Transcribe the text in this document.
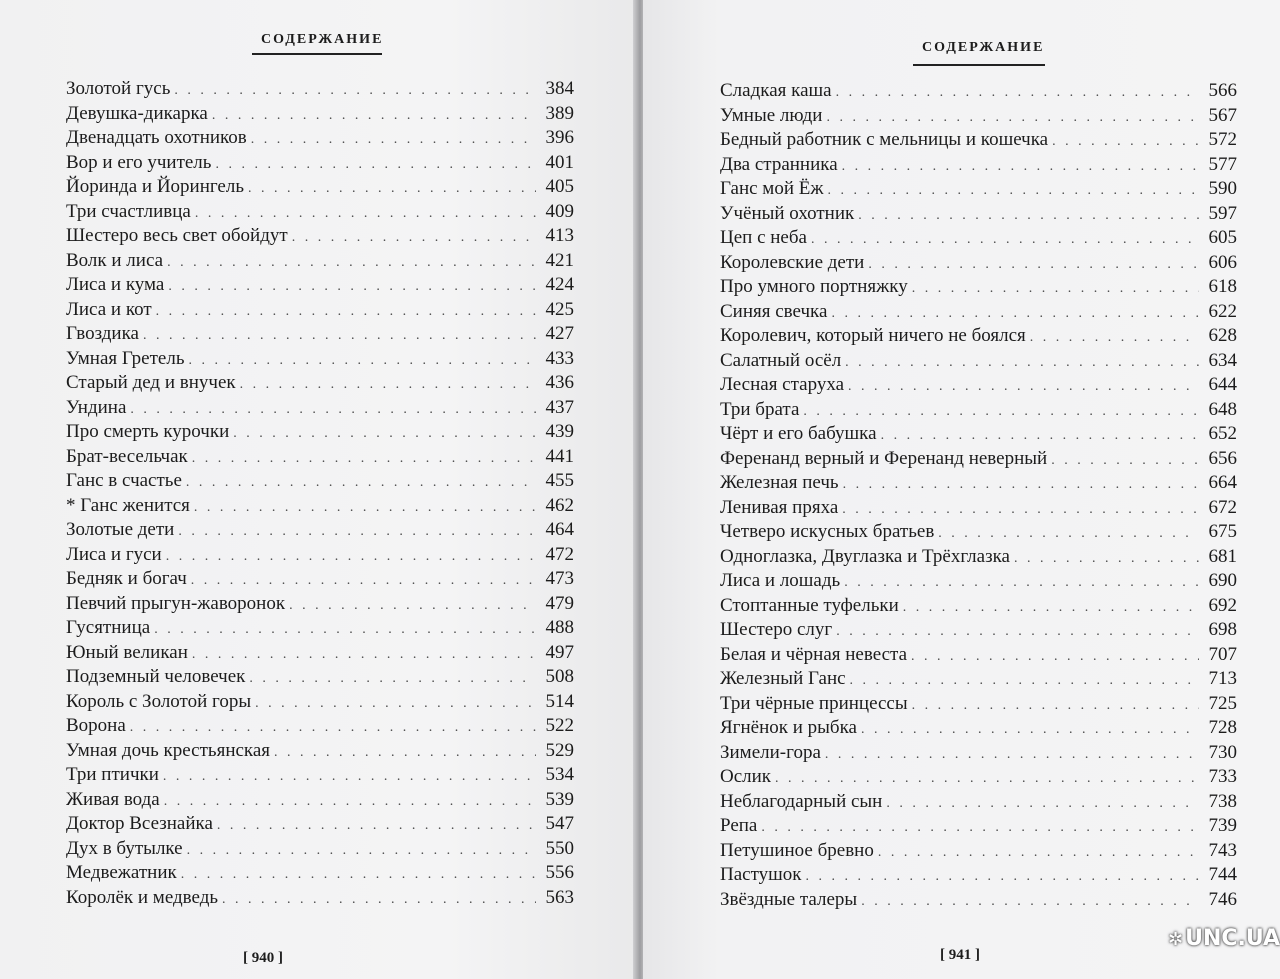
СОДЕРЖАНИЕ
Золотой гусь . . .	384
Девушка-дикарка . . .	389
Двенадцать охотников . . .	396
Вор и его учитель . . .	401
Йоринда и Йорингель . . .	405
Три счастливца . . .	409
Шестеро весь свет обойдут . . .	413
Волк и лиса . . .	421
Лиса и кума . . .	424
Лиса и кот . . .	425
Гвоздика . . .	427
Умная Гретель . . .	433
Старый дед и внучек . . .	436
Ундина . . .	437
Про смерть курочки . . .	439
Брат-весельчак . . .	441
Ганс в счастье . . .	455
* Ганс женится . . .	462
Золотые дети . . .	464
Лиса и гуси . . .	472
Бедняк и богач . . .	473
Певчий прыгун-жаворонок . . .	479
Гусятница . . .	488
Юный великан . . .	497
Подземный человечек . . .	508
Король с Золотой горы . . .	514
Ворона . . .	522
Умная дочь крестьянская . . .	529
Три птички . . .	534
Живая вода . . .	539
Доктор Всезнайка . . .	547
Дух в бутылке . . .	550
Медвежатник . . .	556
Королёк и медведь . . .	563
[ 940 ]
СОДЕРЖАНИЕ
Сладкая каша . . .	566
Умные люди . . .	567
Бедный работник с мельницы и кошечка . . .	572
Два странника . . .	577
Ганс мой Ёж . . .	590
Учёный охотник . . .	597
Цеп с неба . . .	605
Королевские дети . . .	606
Про умного портняжку . . .	618
Синяя свечка . . .	622
Королевич, который ничего не боялся . . .	628
Салатный осёл . . .	634
Лесная старуха . . .	644
Три брата . . .	648
Чёрт и его бабушка . . .	652
Ференанд верный и Ференанд неверный . . .	656
Железная печь . . .	664
Ленивая пряха . . .	672
Четверо искусных братьев . . .	675
Одноглазка, Двуглазка и Трёхглазка . . .	681
Лиса и лошадь . . .	690
Стоптанные туфельки . . .	692
Шестеро слуг . . .	698
Белая и чёрная невеста . . .	707
Железный Ганс . . .	713
Три чёрные принцессы . . .	725
Ягнёнок и рыбка . . .	728
Зимели-гора . . .	730
Ослик . . .	733
Неблагодарный сын . . .	738
Репа . . .	739
Петушиное бревно . . .	743
Пастушок . . .	744
Звёздные талеры . . .	746
[ 941 ]
✲UNC.UA
